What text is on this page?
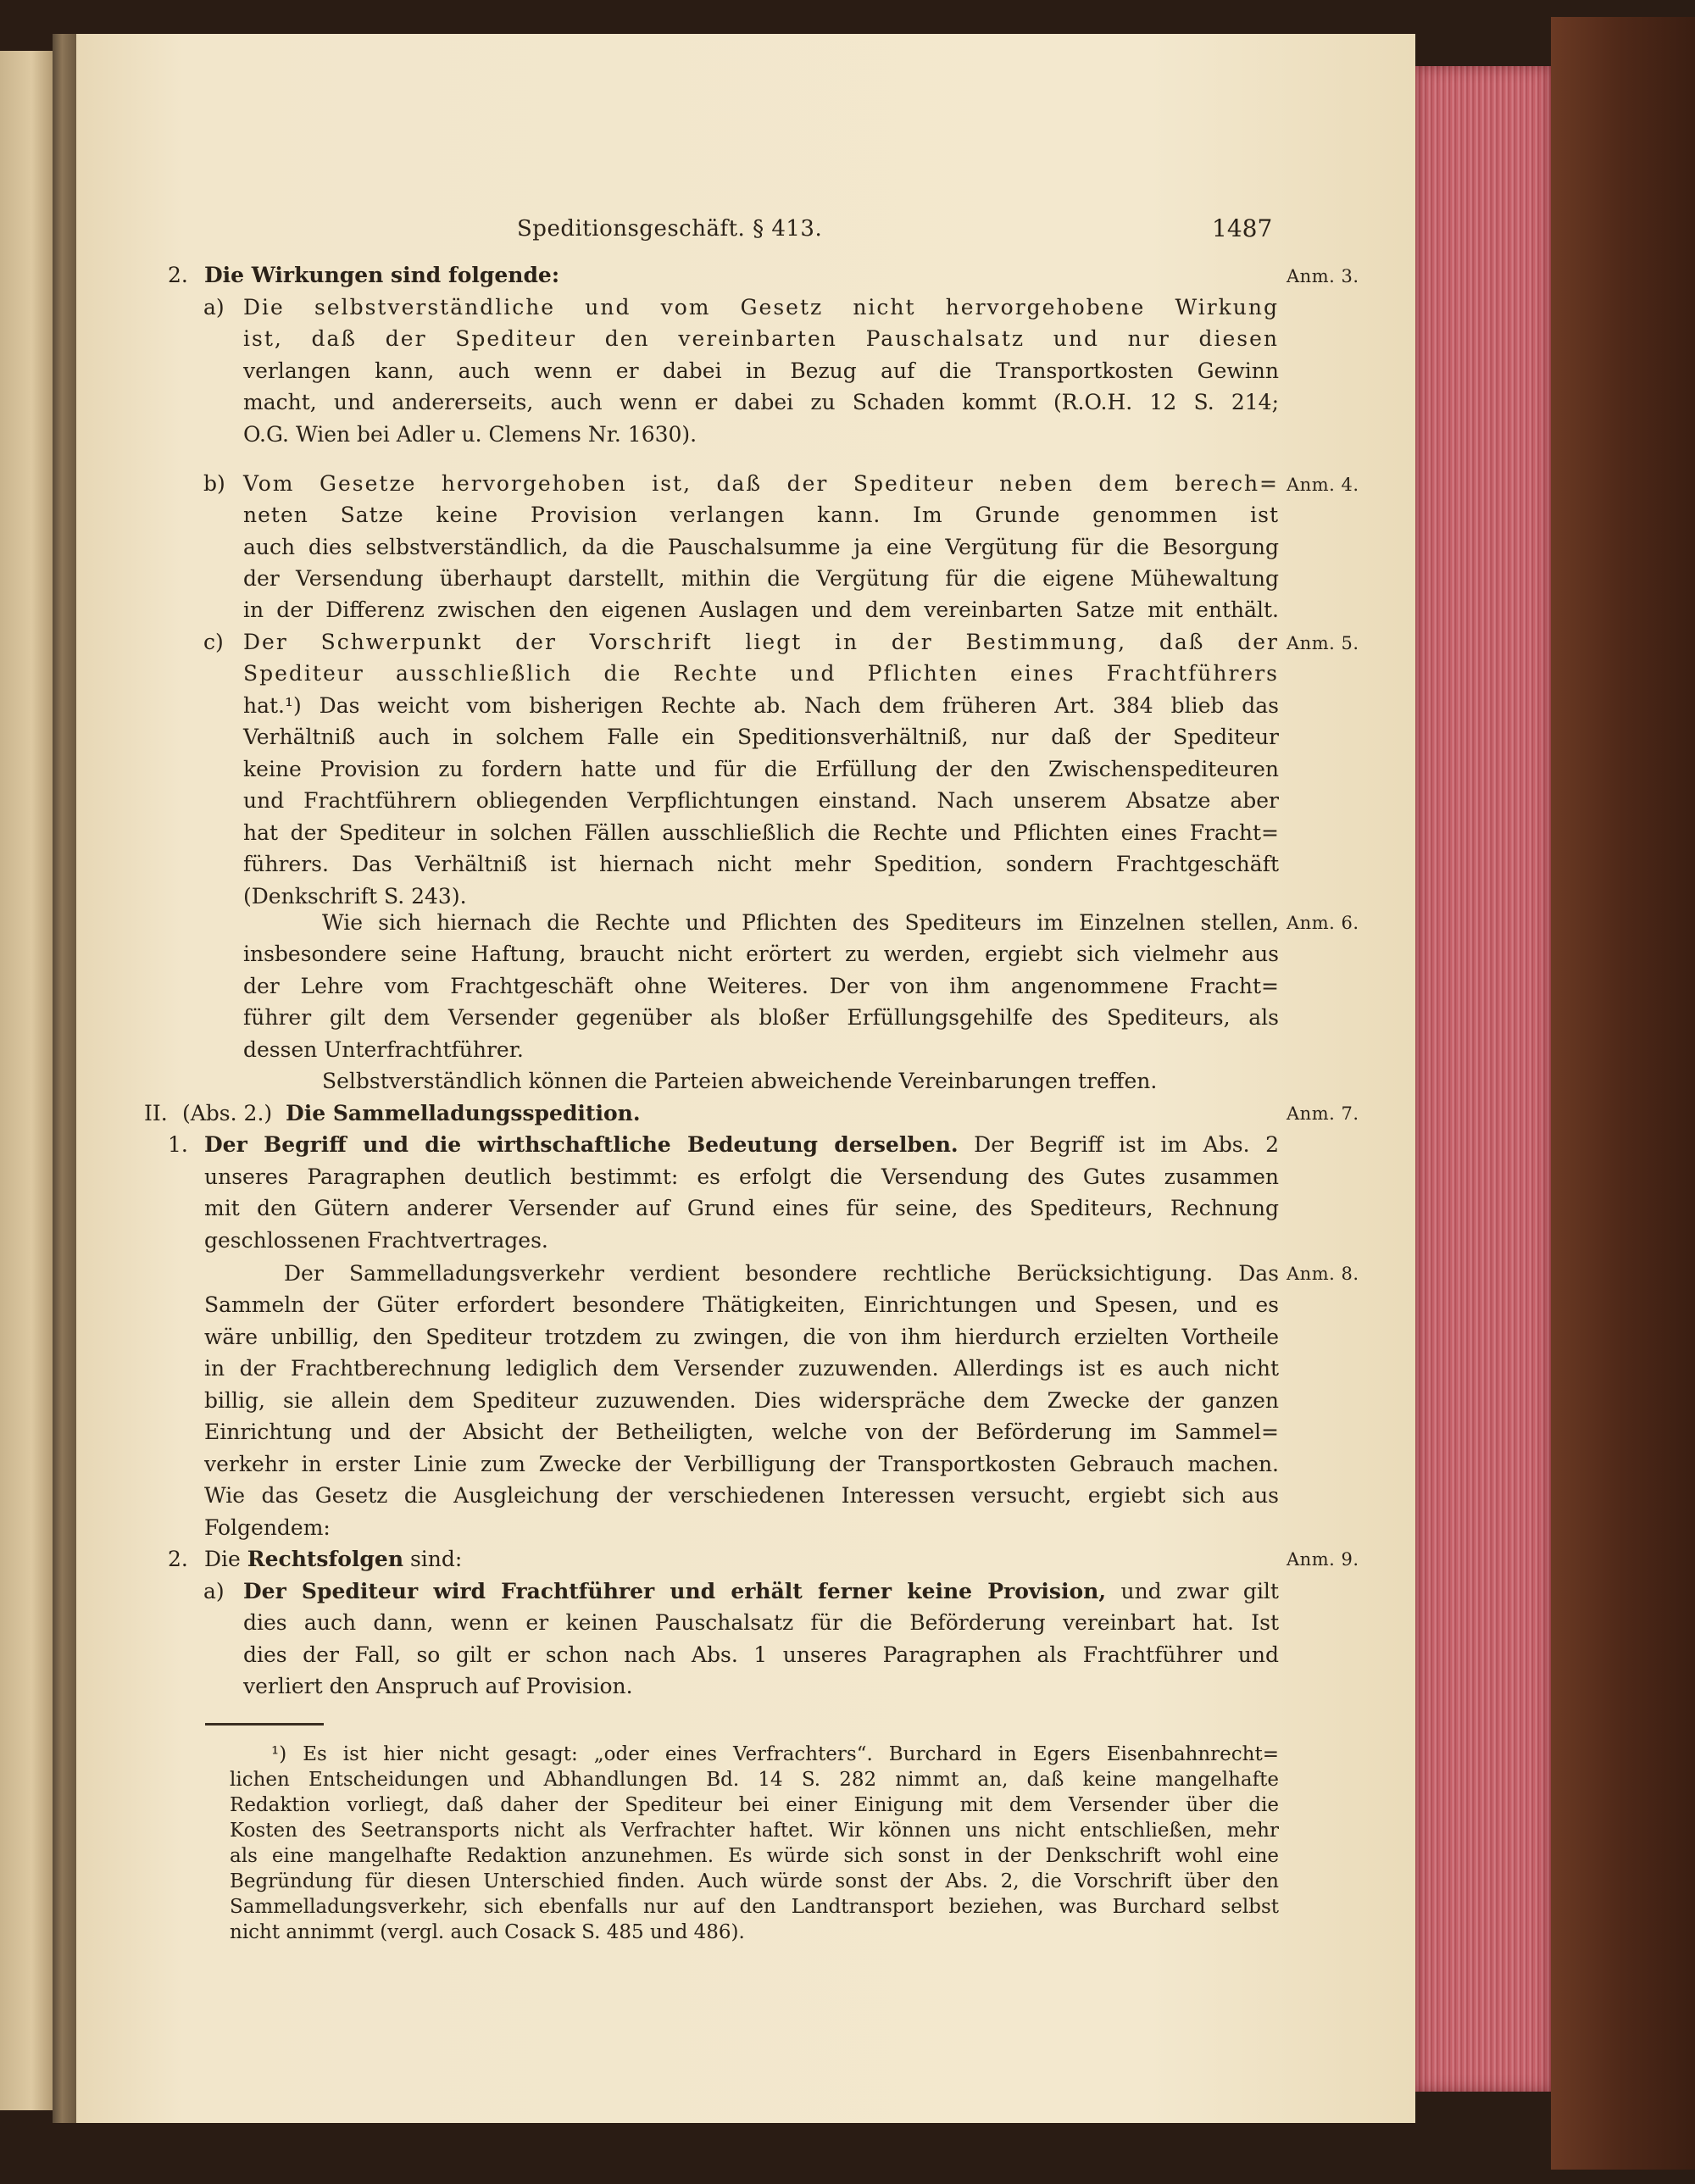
Speditionsgeschäft. § 413.	1487
2.
a)
b)
c)
II.
1.
2.
a)
Anm. 3.
Anm. 4.
Anm. 5.
Anm. 6.
Anm. 7.
Anm. 8.
Anm. 9.
Die Wirkungen sind folgende:
Die selbstverständliche und vom Gesetz nicht hervorgehobene Wirkung
ist, daß der Spediteur den vereinbarten Pauschalsatz und nur diesen
verlangen kann, auch wenn er dabei in Bezug auf die Transportkosten Gewinn
macht, und andererseits, auch wenn er dabei zu Schaden kommt (R.O.H. 12 S. 214;
O.G. Wien bei Adler u. Clemens Nr. 1630).
Vom Gesetze hervorgehoben ist, daß der Spediteur neben dem berech=
neten Satze keine Provision verlangen kann. Im Grunde genommen ist
auch dies selbstverständlich, da die Pauschalsumme ja eine Vergütung für die Besorgung
der Versendung überhaupt darstellt, mithin die Vergütung für die eigene Mühewaltung
in der Differenz zwischen den eigenen Auslagen und dem vereinbarten Satze mit enthält.
Der Schwerpunkt der Vorschrift liegt in der Bestimmung, daß der
Spediteur ausschließlich die Rechte und Pflichten eines Frachtführers
hat.¹) Das weicht vom bisherigen Rechte ab. Nach dem früheren Art. 384 blieb das
Verhältniß auch in solchem Falle ein Speditionsverhältniß, nur daß der Spediteur
keine Provision zu fordern hatte und für die Erfüllung der den Zwischenspediteuren
und Frachtführern obliegenden Verpflichtungen einstand. Nach unserem Absatze aber
hat der Spediteur in solchen Fällen ausschließlich die Rechte und Pflichten eines Fracht=
führers. Das Verhältniß ist hiernach nicht mehr Spedition, sondern Frachtgeschäft
(Denkschrift S. 243).
Wie sich hiernach die Rechte und Pflichten des Spediteurs im Einzelnen stellen,
insbesondere seine Haftung, braucht nicht erörtert zu werden, ergiebt sich vielmehr aus
der Lehre vom Frachtgeschäft ohne Weiteres. Der von ihm angenommene Fracht=
führer gilt dem Versender gegenüber als bloßer Erfüllungsgehilfe des Spediteurs, als
dessen Unterfrachtführer.
Selbstverständlich können die Parteien abweichende Vereinbarungen treffen.
(Abs. 2.) Die Sammelladungsspedition.
Der Begriff und die wirthschaftliche Bedeutung derselben. Der Begriff ist im Abs. 2
unseres Paragraphen deutlich bestimmt: es erfolgt die Versendung des Gutes zusammen
mit den Gütern anderer Versender auf Grund eines für seine, des Spediteurs, Rechnung
geschlossenen Frachtvertrages.
Der Sammelladungsverkehr verdient besondere rechtliche Berücksichtigung. Das
Sammeln der Güter erfordert besondere Thätigkeiten, Einrichtungen und Spesen, und es
wäre unbillig, den Spediteur trotzdem zu zwingen, die von ihm hierdurch erzielten Vortheile
in der Frachtberechnung lediglich dem Versender zuzuwenden. Allerdings ist es auch nicht
billig, sie allein dem Spediteur zuzuwenden. Dies widerspräche dem Zwecke der ganzen
Einrichtung und der Absicht der Betheiligten, welche von der Beförderung im Sammel=
verkehr in erster Linie zum Zwecke der Verbilligung der Transportkosten Gebrauch machen.
Wie das Gesetz die Ausgleichung der verschiedenen Interessen versucht, ergiebt sich aus
Folgendem:
Die Rechtsfolgen sind:
Der Spediteur wird Frachtführer und erhält ferner keine Provision, und zwar gilt
dies auch dann, wenn er keinen Pauschalsatz für die Beförderung vereinbart hat. Ist
dies der Fall, so gilt er schon nach Abs. 1 unseres Paragraphen als Frachtführer und
verliert den Anspruch auf Provision.
¹) Es ist hier nicht gesagt: „oder eines Verfrachters“. Burchard in Egers Eisenbahnrecht=
lichen Entscheidungen und Abhandlungen Bd. 14 S. 282 nimmt an, daß keine mangelhafte
Redaktion vorliegt, daß daher der Spediteur bei einer Einigung mit dem Versender über die
Kosten des Seetransports nicht als Verfrachter haftet. Wir können uns nicht entschließen, mehr
als eine mangelhafte Redaktion anzunehmen. Es würde sich sonst in der Denkschrift wohl eine
Begründung für diesen Unterschied finden. Auch würde sonst der Abs. 2, die Vorschrift über den
Sammelladungsverkehr, sich ebenfalls nur auf den Landtransport beziehen, was Burchard selbst
nicht annimmt (vergl. auch Cosack S. 485 und 486).
